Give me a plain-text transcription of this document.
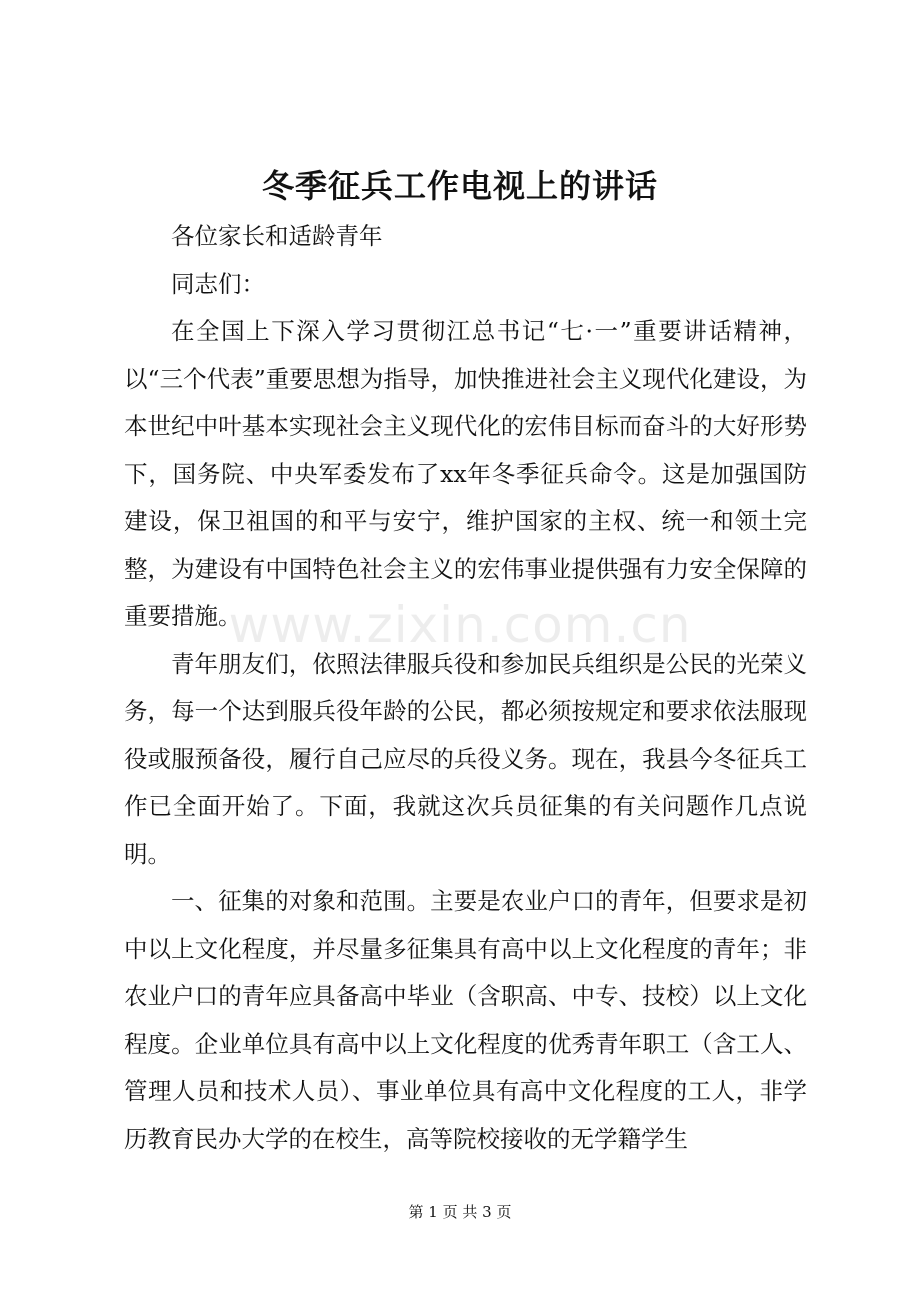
www.zixin.com.cn
冬季征兵工作电视上的讲话

各位家长和适龄青年

同志们：

在全国上下深入学习贯彻江总书记“七·一”重要讲话精神，以“三个代表”重要思想为指导，加快推进社会主义现代化建设，为本世纪中叶基本实现社会主义现代化的宏伟目标而奋斗的大好形势下，国务院、中央军委发布了xx年冬季征兵命令。这是加强国防建设，保卫祖国的和平与安宁，维护国家的主权、统一和领土完整，为建设有中国特色社会主义的宏伟事业提供强有力安全保障的重要措施。

青年朋友们，依照法律服兵役和参加民兵组织是公民的光荣义务，每一个达到服兵役年龄的公民，都必须按规定和要求依法服现役或服预备役，履行自己应尽的兵役义务。现在，我县今冬征兵工作已全面开始了。下面，我就这次兵员征集的有关问题作几点说明。

一、征集的对象和范围。主要是农业户口的青年，但要求是初中以上文化程度，并尽量多征集具有高中以上文化程度的青年；非农业户口的青年应具备高中毕业（含职高、中专、技校）以上文化程度。企业单位具有高中以上文化程度的优秀青年职工（含工人、管理人员和技术人员）、事业单位具有高中文化程度的工人，非学历教育民办大学的在校生，高等院校接收的无学籍学生

第 1 页 共 3 页
